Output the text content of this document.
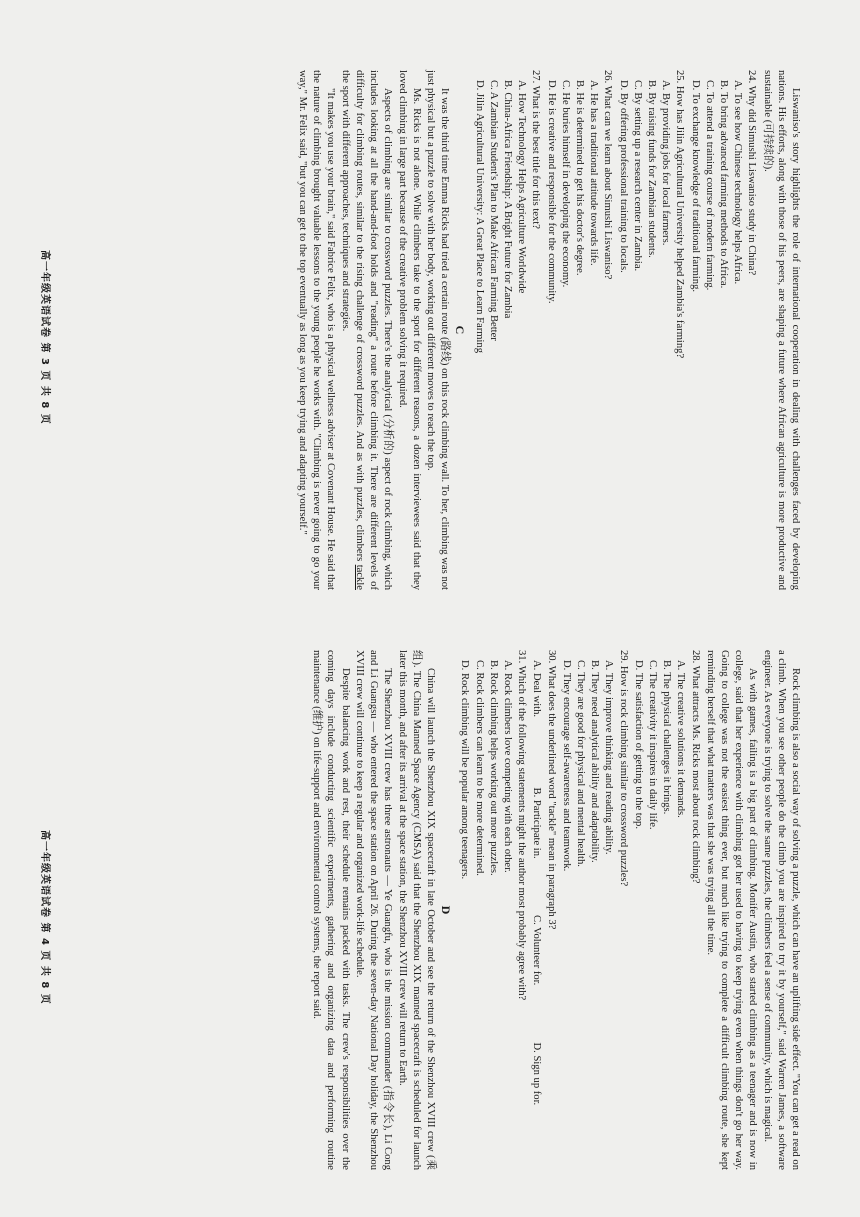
Liswaniso's story highlights the role of international cooperation in dealing with challenges faced by developing nations. His efforts, along with those of his peers, are shaping a future where African agriculture is more productive and sustainable (可持续的).

24. Why did Simushi Liswaniso study in China?

A. To see how Chinese technology helps Africa.

B. To bring advanced farming methods to Africa.

C. To attend a training course of modern farming.

D. To exchange knowledge of traditional farming.

25. How has Jilin Agricultural University helped Zambia's farming?

A. By providing jobs for local farmers.

B. By raising funds for Zambian students.

C. By setting up a research center in Zambia.

D. By offering professional training to locals.

26. What can we learn about Simushi Liswaniso?

A. He has a traditional attitude towards life.

B. He is determined to get his doctor's degree.

C. He buries himself in developing the economy.

D. He is creative and responsible for the community.

27. What is the best title for this text?

A. How Technology Helps Agriculture Worldwide

B. China-Africa Friendship: A Bright Future for Zambia

C. A Zambian Student's Plan to Make African Farming Better

D. Jilin Agricultural University: A Great Place to Learn Farming

C

It was the third time Emma Ricks had tried a certain route (路线) on this rock climbing wall. To her, climbing was not just physical but a puzzle to solve with her body, working out different moves to reach the top.

Ms. Ricks is not alone. While climbers take to the sport for different reasons, a dozen interviewees said that they loved climbing in large part because of the creative problem solving it required.

Aspects of climbing are similar to crossword puzzles. There's the analytical (分析的) aspect of rock climbing, which includes looking at all the hand-and-foot holds and "reading" a route before climbing it. There are different levels of difficulty for climbing routes, similar to the rising challenge of crossword puzzles. And as with puzzles, climbers tackle the sport with different approaches, techniques and strategies.

"It makes you use your brain," said Fabrice Felix, who is a physical wellness adviser at Covenant House. He said that the nature of climbing brought valuable lessons to the young people he works with. "Climbing is never going to go your way," Mr. Felix said, "but you can get to the top eventually as long as you keep trying and adapting yourself."

Rock climbing is also a social way of solving a puzzle, which can have an uplifting side effect. "You can get a read on a climb. When you see other people do the climb you are inspired to try it by yourself," said Warren James, a software engineer. As everyone is trying to solve the same puzzles, the climbers feel a sense of community, which is magical.

As with games, failing is a big part of climbing. Monifer Austin, who started climbing as a teenager and is now in college, said that her experience with climbing got her used to having to keep trying even when things don't go her way. Going to college was not the easiest thing ever, but much like trying to complete a difficult climbing route, she kept reminding herself that what matters was that she was trying all the time.

28. What attracts Ms. Ricks most about rock climbing?

A. The creative solutions it demands.

B. The physical challenges it brings.

C. The creativity it inspires in daily life.

D. The satisfaction of getting to the top.

29. How is rock climbing similar to crossword puzzles?

A. They improve thinking and reading ability.

B. They need analytical ability and adaptability.

C. They are good for physical and mental health.

D. They encourage self-awareness and teamwork.

30. What does the underlined word "tackle" mean in paragraph 3?

A. Deal with.
B. Participate in.
C. Volunteer for.
D. Sign up for.

31. Which of the following statements might the author most probably agree with?

A. Rock climbers love competing with each other.

B. Rock climbing helps working out more puzzles.

C. Rock climbers can learn to be more determined.

D. Rock climbing will be popular among teenagers.

D

China will launch the Shenzhou XIX spacecraft in late October and see the return of the Shenzhou XVIII crew (乘组). The China Manned Space Agency (CMSA) said that the Shenzhou XIX manned spacecraft is scheduled for launch later this month, and after its arrival at the space station, the Shenzhou XVIII crew will return to Earth.

The Shenzhou XVIII crew has three astronauts — Ye Guangfu, who is the mission commander (指令长), Li Cong and Li Guangsu — who entered the space station on April 26. During the seven-day National Day holiday, the Shenzhou XVIII crew will continue to keep a regular and organized work-life schedule.

Despite balancing work and rest, their schedule remains packed with tasks. The crew's responsibilities over the coming days include conducting scientific experiments, gathering and organizing data and performing routine maintenance (维护) on life-support and environmental control systems, the report said.

高一年级英语试卷 第 3 页 共 8 页
高一年级英语试卷 第 4 页 共 8 页
